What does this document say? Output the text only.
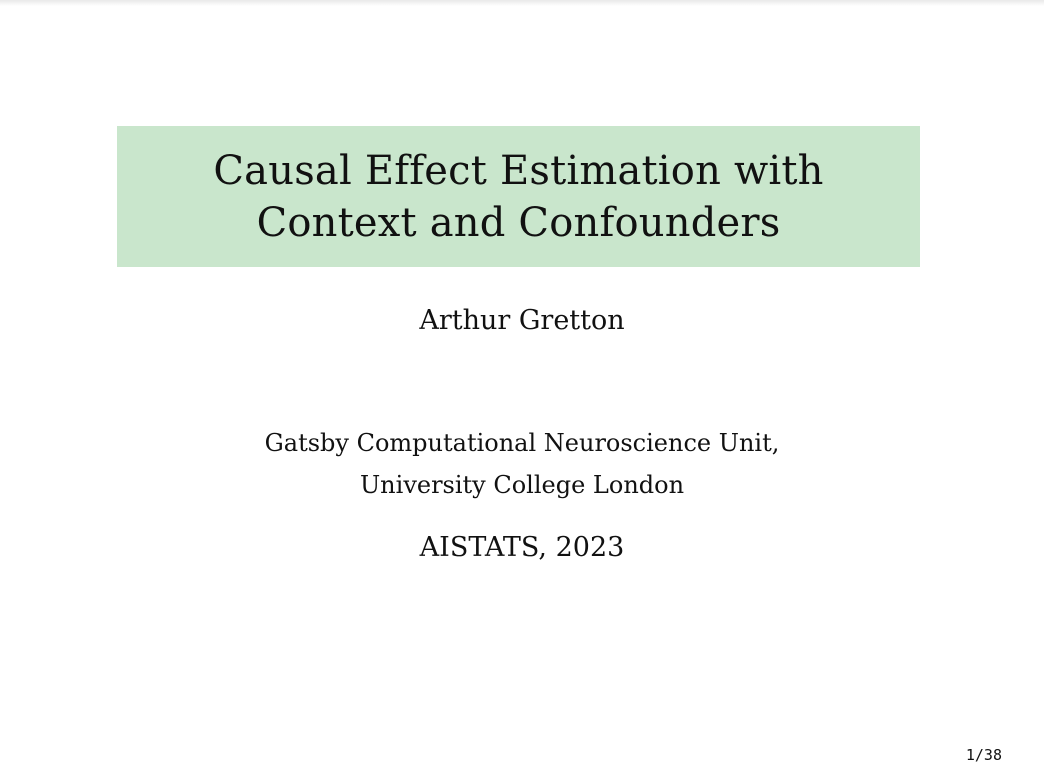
Causal Effect Estimation with
Context and Confounders
Arthur Gretton
Gatsby Computational Neuroscience Unit,
University College London
AISTATS, 2023
1/38
